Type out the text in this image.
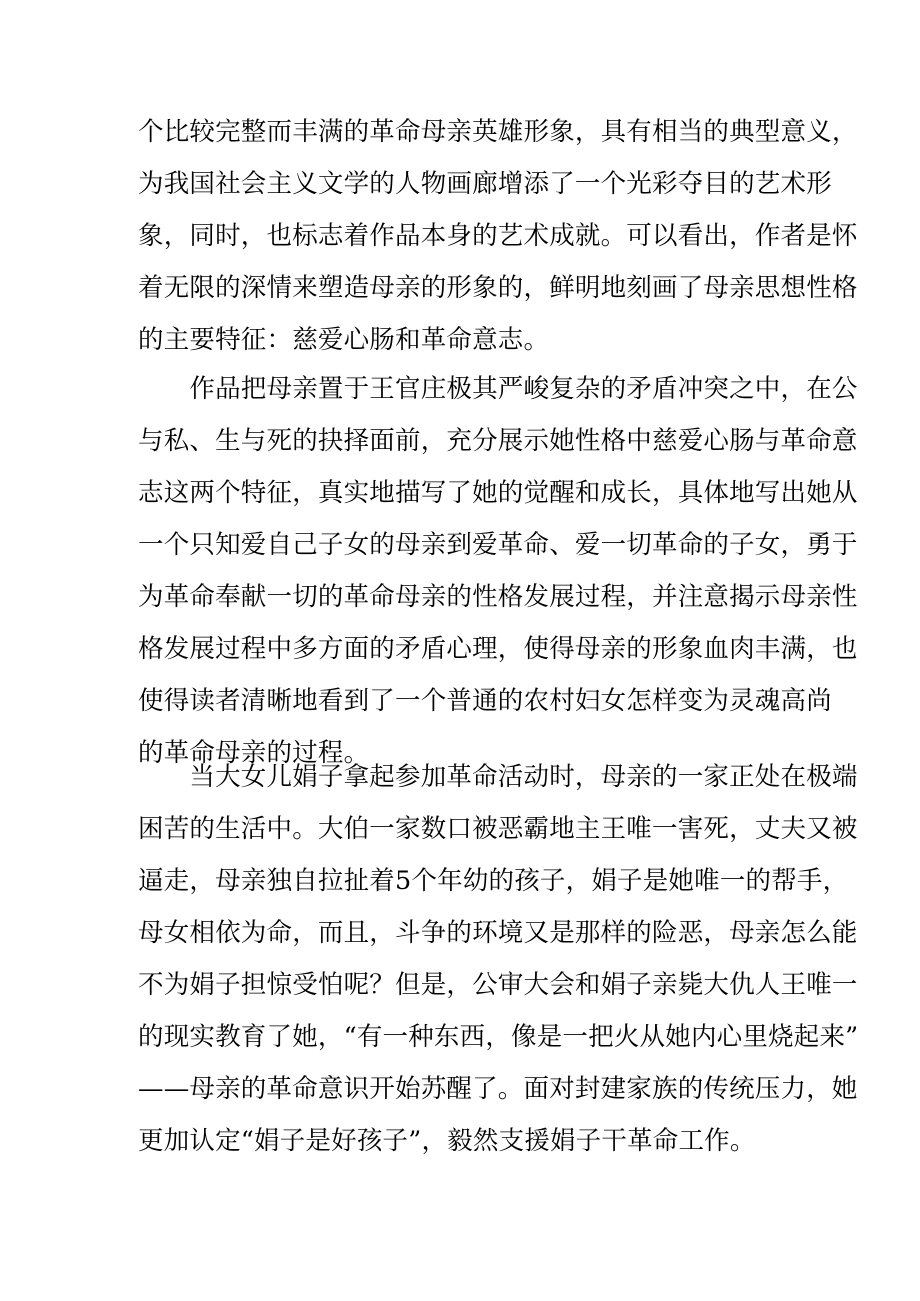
个比较完整而丰满的革命母亲英雄形象，具有相当的典型意义，
为我国社会主义文学的人物画廊增添了一个光彩夺目的艺术形
象，同时，也标志着作品本身的艺术成就。可以看出，作者是怀
着无限的深情来塑造母亲的形象的，鲜明地刻画了母亲思想性格
的主要特征：慈爱心肠和革命意志。
　　作品把母亲置于王官庄极其严峻复杂的矛盾冲突之中，在公
与私、生与死的抉择面前，充分展示她性格中慈爱心肠与革命意
志这两个特征，真实地描写了她的觉醒和成长，具体地写出她从
一个只知爱自己子女的母亲到爱革命、爱一切革命的子女，勇于
为革命奉献一切的革命母亲的性格发展过程，并注意揭示母亲性
格发展过程中多方面的矛盾心理，使得母亲的形象血肉丰满，也
使得读者清晰地看到了一个普通的农村妇女怎样变为灵魂高尚
的革命母亲的过程。
　　当大女儿娟子拿起参加革命活动时，母亲的一家正处在极端
困苦的生活中。大伯一家数口被恶霸地主王唯一害死，丈夫又被
逼走，母亲独自拉扯着5个年幼的孩子，娟子是她唯一的帮手，
母女相依为命，而且，斗争的环境又是那样的险恶，母亲怎么能
不为娟子担惊受怕呢？但是，公审大会和娟子亲毙大仇人王唯一
的现实教育了她，“有一种东西，像是一把火从她内心里烧起来”
——母亲的革命意识开始苏醒了。面对封建家族的传统压力，她
更加认定“娟子是好孩子”，毅然支援娟子干革命工作。
